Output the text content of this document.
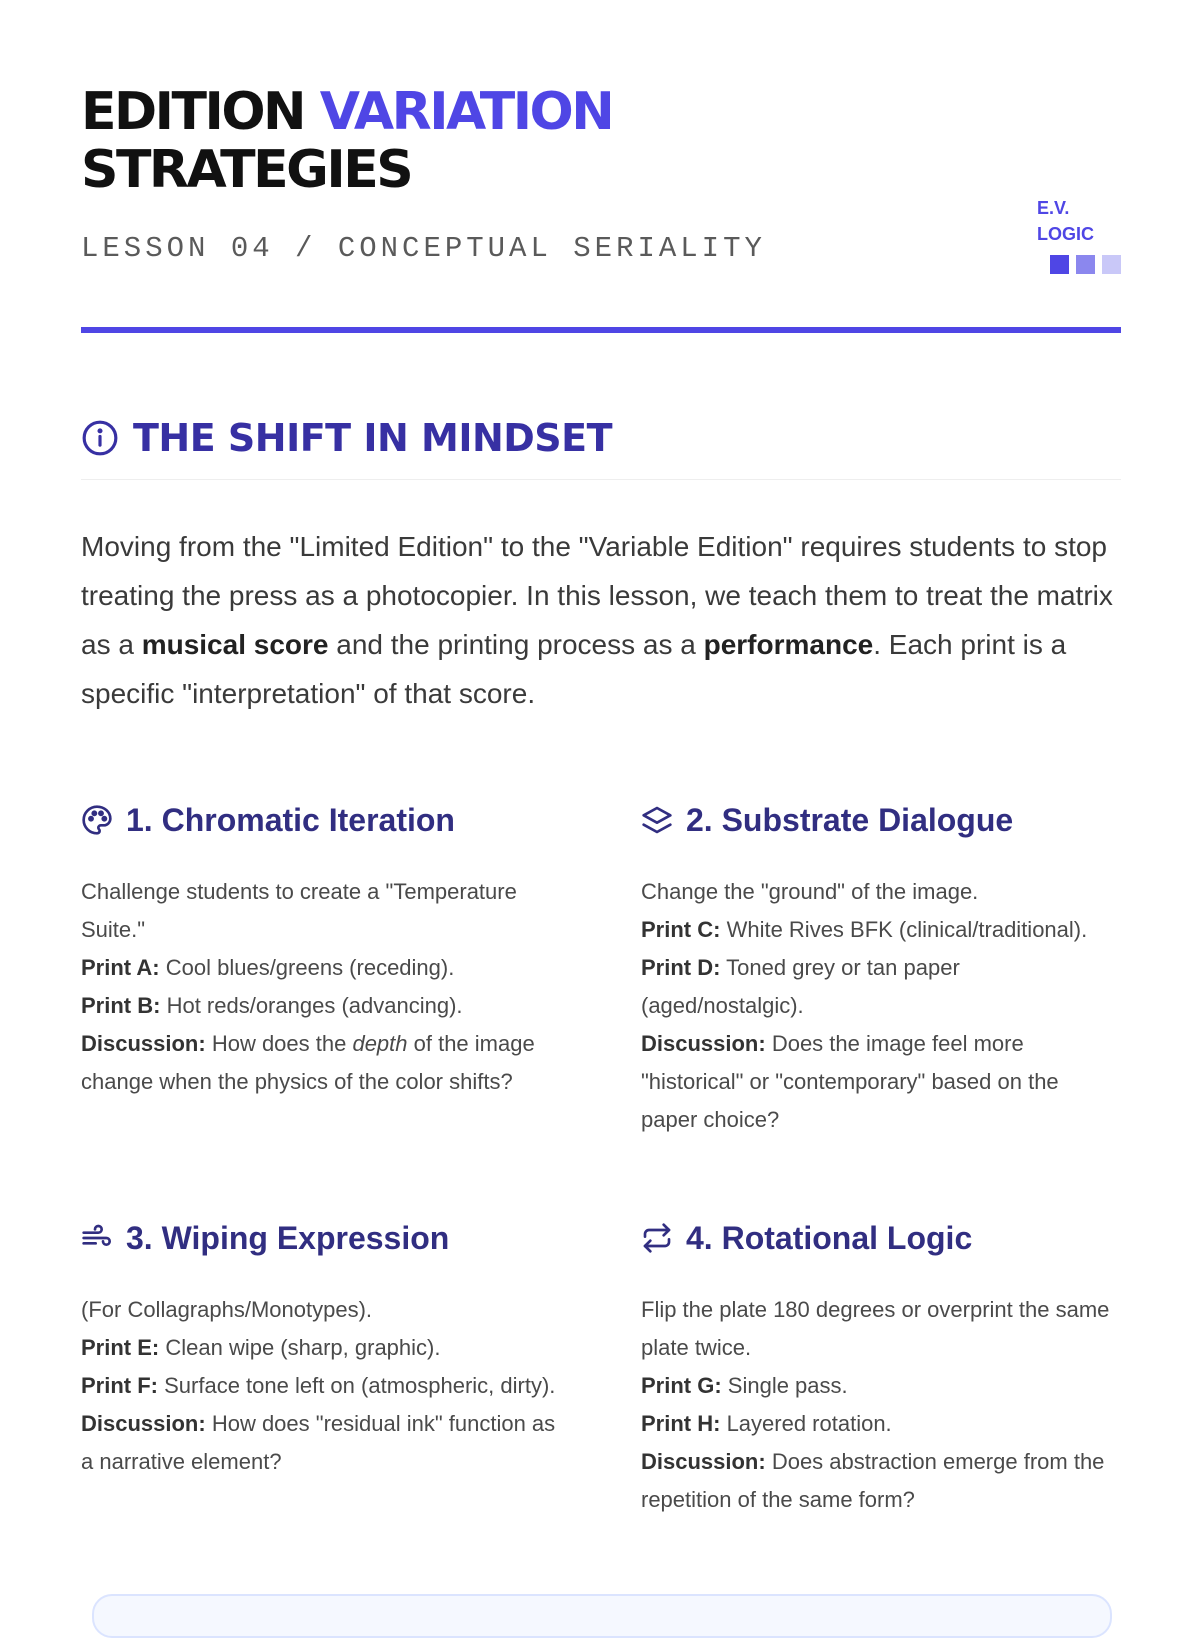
EDITION VARIATION
STRATEGIES

LESSON 04 / CONCEPTUAL SERIALITY

E.V.
LOGIC
THE SHIFT IN MINDSET

Moving from the "Limited Edition" to the "Variable Edition" requires students to stop treating the press as a photocopier. In this lesson, we teach them to treat the matrix as a musical score and the printing process as a performance. Each print is a specific "interpretation" of that score.

1. Chromatic Iteration

Challenge students to create a "Temperature Suite."

Print A: Cool blues/greens (receding).

Print B: Hot reds/oranges (advancing).

Discussion: How does the depth of the image change when the physics of the color shifts?

2. Substrate Dialogue

Change the "ground" of the image.

Print C: White Rives BFK (clinical/traditional).

Print D: Toned grey or tan paper (aged/nostalgic).

Discussion: Does the image feel more "historical" or "contemporary" based on the paper choice?

3. Wiping Expression

(For Collagraphs/Monotypes).

Print E: Clean wipe (sharp, graphic).

Print F: Surface tone left on (atmospheric, dirty).

Discussion: How does "residual ink" function as a narrative element?

4. Rotational Logic

Flip the plate 180 degrees or overprint the same plate twice.

Print G: Single pass.

Print H: Layered rotation.

Discussion: Does abstraction emerge from the repetition of the same form?
